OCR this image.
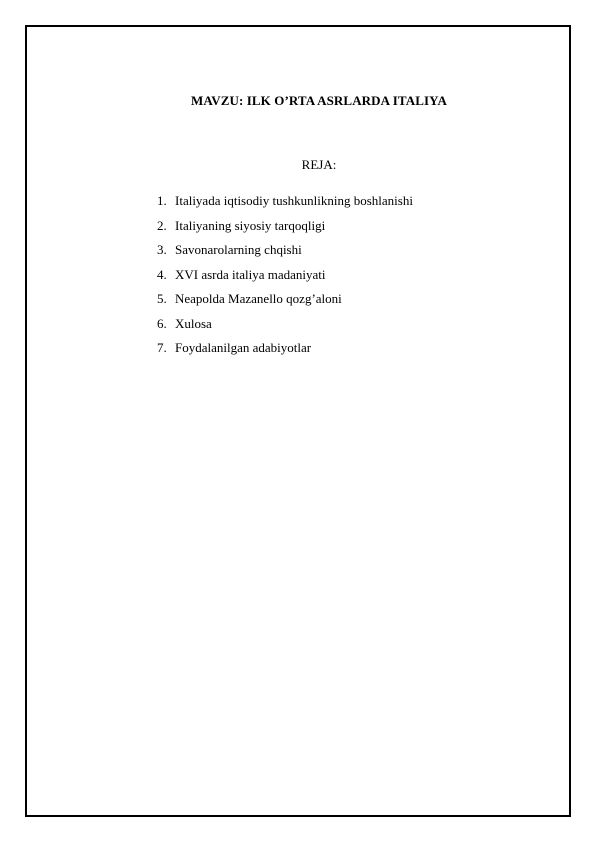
MAVZU: ILK O’RTA ASRLARDA ITALIYA

REJA:

1. Italiyada iqtisodiy tushkunlikning boshlanishi
2. Italiyaning siyosiy tarqoqligi
3. Savonarolarning chqishi
4. XVI asrda italiya madaniyati
5. Neapolda Mazanello qozg’aloni
6. Xulosa
7. Foydalanilgan adabiyotlar
